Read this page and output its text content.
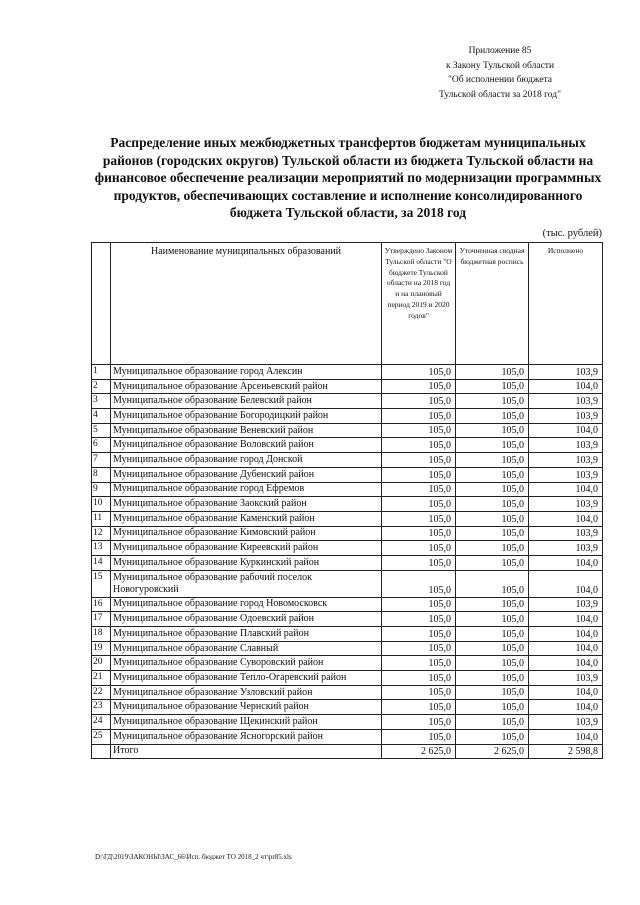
Приложение 85
к Закону Тульской области
"Об исполнении бюджета
Тульской области за 2018 год"
Распределение иных межбюджетных трансфертов бюджетам муниципальных
районов (городских округов) Тульской области из бюджета Тульской области на
финансовое обеспечение реализации мероприятий по модернизации программных
продуктов, обеспечивающих составление и исполнение консолидированного
бюджета Тульской области, за 2018 год
(тыс. рублей)
	Наименование муниципальных образований	Утверждено Законом Тульской области "О бюджете Тульской области на 2018 год и на плановый период 2019 и 2020 годов"	Уточненная сводная бюджетная роспись	Исполнено
1	Муниципальное образование город Алексин	105,0	105,0	103,9
2	Муниципальное образование Арсеньевский район	105,0	105,0	104,0
3	Муниципальное образование Белевский район	105,0	105,0	103,9
4	Муниципальное образование Богородицкий район	105,0	105,0	103,9
5	Муниципальное образование Веневский район	105,0	105,0	104,0
6	Муниципальное образование Воловский район	105,0	105,0	103,9
7	Муниципальное образование город Донской	105,0	105,0	103,9
8	Муниципальное образование Дубенский район	105,0	105,0	103,9
9	Муниципальное образование город Ефремов	105,0	105,0	104,0
10	Муниципальное образование Заокский район	105,0	105,0	103,9
11	Муниципальное образование Каменский район	105,0	105,0	104,0
12	Муниципальное образование Кимовский район	105,0	105,0	103,9
13	Муниципальное образование Киреевский район	105,0	105,0	103,9
14	Муниципальное образование Куркинский район	105,0	105,0	104,0
15	Муниципальное образование рабочий поселок Новогуровский	105,0	105,0	104,0
16	Муниципальное образование город Новомосковск	105,0	105,0	103,9
17	Муниципальное образование Одоевский район	105,0	105,0	104,0
18	Муниципальное образование Плавский район	105,0	105,0	104,0
19	Муниципальное образование Славный	105,0	105,0	104,0
20	Муниципальное образование Суворовский район	105,0	105,0	104,0
21	Муниципальное образование Тепло-Огаревский район	105,0	105,0	103,9
22	Муниципальное образование Узловский район	105,0	105,0	104,0
23	Муниципальное образование Чернский район	105,0	105,0	104,0
24	Муниципальное образование Щекинский район	105,0	105,0	103,9
25	Муниципальное образование Ясногорский район	105,0	105,0	104,0
	Итого	2 625,0	2 625,0	2 598,8
D:\ГД\2019\ЗАКОНЫ\ЗАС_66\Исп. бюджет ТО 2018_2 чт\pr85.xls
